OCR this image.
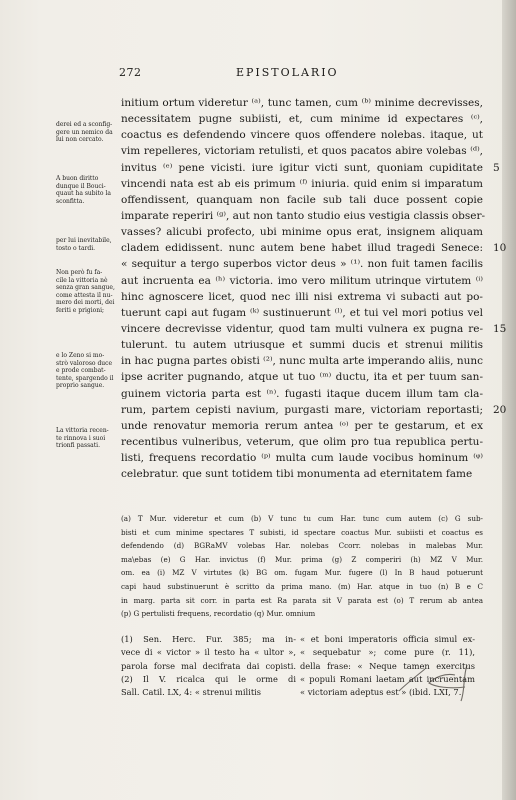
272	EPISTOLARIO
derei ed a sconfig-
gere un nemico da
lui non cercato.
A buon diritto
dunque il Bouci-
quaut ha subito la
sconfitta.
per lui inevitabile,
tosto o tardi.
Non però fu fa-
cile la vittoria nè
senza gran sangue,
come attesta il nu-
mero dei morti, dei
feriti e prigioni;
e lo Zeno si mo-
strò valoroso duce
e prode combat-
tente, spargendo il
proprio sangue.
La vittoria recen-
te rinnova i suoi
trionfi passati.
initium ortum videretur ⁽ᵃ⁾, tunc tamen, cum ⁽ᵇ⁾ minime decrevisses,
necessitatem pugne subiisti, et, cum minime id expectares ⁽ᶜ⁾,
coactus es defendendo vincere quos offendere nolebas. itaque, ut
vim repelleres, victoriam retulisti, et quos pacatos abire volebas ⁽ᵈ⁾,
invitus ⁽ᵉ⁾ pene vicisti. iure igitur victi sunt, quoniam cupiditate
vincendi nata est ab eis primum ⁽ᶠ⁾ iniuria. quid enim si imparatum
offendissent, quanquam non facile sub tali duce possent copie
imparate reperiri ⁽ᵍ⁾, aut non tanto studio eius vestigia classis obser-
vasses? alicubi profecto, ubi minime opus erat, insignem aliquam
cladem edidissent. nunc autem bene habet illud tragedi Senece:
« sequitur a tergo superbos victor deus » ⁽¹⁾. non fuit tamen facilis
aut incruenta ea ⁽ʰ⁾ victoria. imo vero militum utrinque virtutem ⁽ⁱ⁾
hinc agnoscere licet, quod nec illi nisi extrema vi subacti aut po-
tuerunt capi aut fugam ⁽ᵏ⁾ sustinuerunt ⁽ˡ⁾, et tui vel mori potius vel
vincere decrevisse videntur, quod tam multi vulnera ex pugna re-
tulerunt. tu autem utriusque et summi ducis et strenui militis
in hac pugna partes obisti ⁽²⁾, nunc multa arte imperando aliis, nunc
ipse acriter pugnando, atque ut tuo ⁽ᵐ⁾ ductu, ita et per tuum san-
guinem victoria parta est ⁽ⁿ⁾. fugasti itaque ducem illum tam cla-
rum, partem cepisti navium, purgasti mare, victoriam reportasti;
unde renovatur memoria rerum antea ⁽ᵒ⁾ per te gestarum, et ex
recentibus vulneribus, veterum, que olim pro tua republica pertu-
listi, frequens recordatio ⁽ᵖ⁾ multa cum laude vocibus hominum ⁽ᵠ⁾
celebratur. que sunt totidem tibi monumenta ad eternitatem fame
5
10
15
20
(a) T Mur. videretur et cum (b) V tunc tu cum Har. tunc cum autem (c) G sub-
bisti et cum minime spectares T subisti, id spectare coactus Mur. subiisti et coactus es
defendendo (d) BGRaMV volebas Har. nolebas Ccorr. nolebas in malebas Mur.
ma\ebas (e) G Har. invictus (f) Mur. prima (g) Z comperiri (h) MZ V Mur.
om. ea (i) MZ V virtutes (k) BG om. fugam Mur. fugere (l) In B haud potuerunt
capi haud substinuerunt è scritto da prima mano. (m) Har. atque in tuo (n) B e C
in marg. parta sit corr. in parta est Ra parata sit V parata est (o) T rerum ab antea
(p) G pertulisti frequens, recordatio (q) Mur. omnium
(1) Sen. Herc. Fur. 385; ma in-
vece di « victor » il testo ha « ultor »,
parola forse mal decifrata dai copisti.
(2) Il V. ricalca qui le orme di
Sall. Catil. LX, 4: « strenui militis
« et boni imperatoris officia simul ex-
« sequebatur »; come pure (r. 11),
della frase: « Neque tamen exercitus
« populi Romani laetam aut incruentam
« victoriam adeptus est » (ibid. LXI, 7.
